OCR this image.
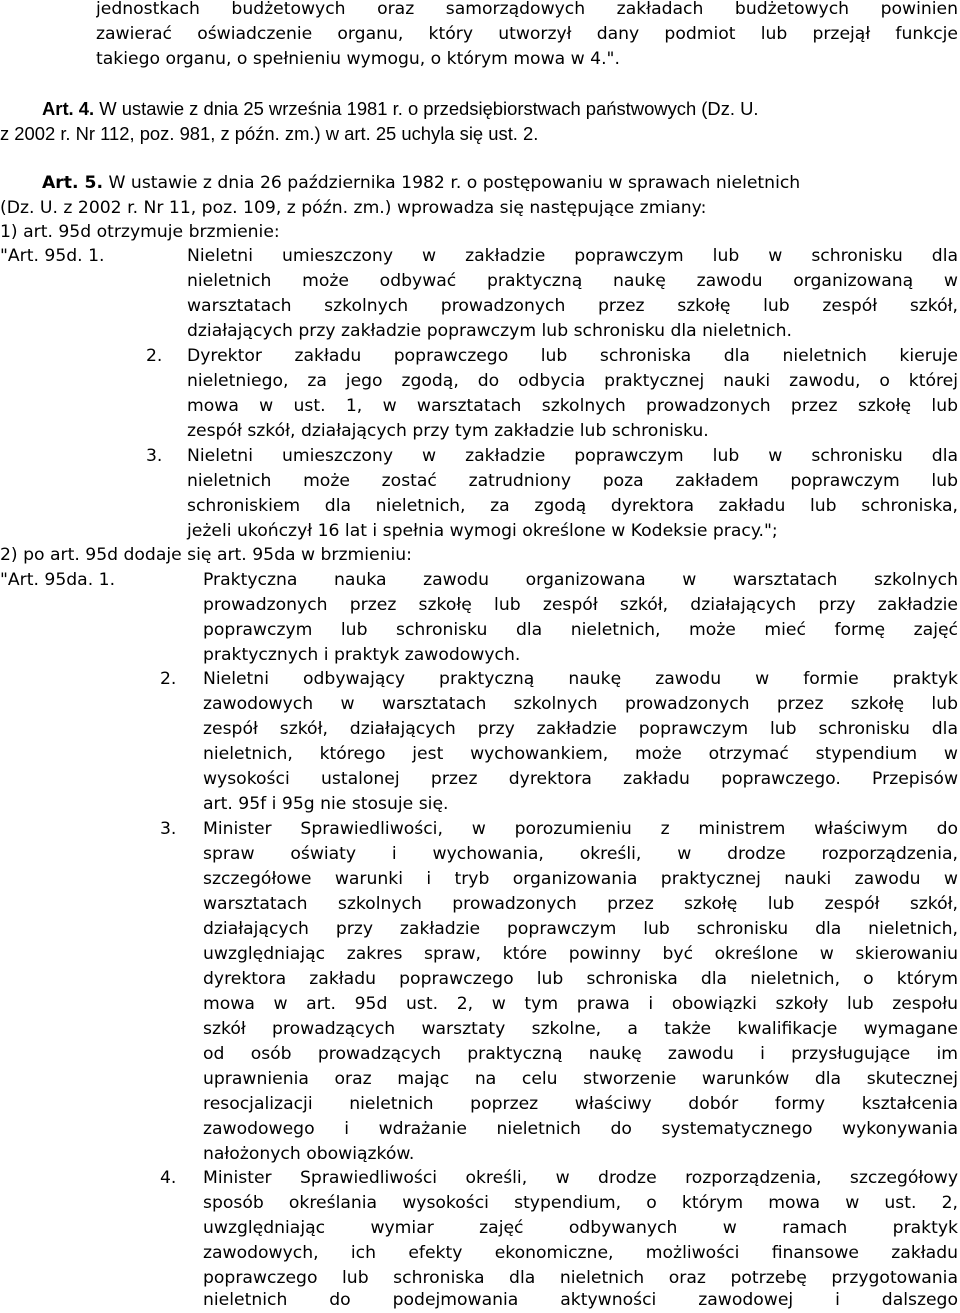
jednostkach budżetowych oraz samorządowych zakładach budżetowych powinien
zawierać oświadczenie organu, który utworzył dany podmiot lub przejął funkcje
takiego organu, o spełnieniu wymogu, o którym mowa w 4.".
Art. 4. W ustawie z dnia 25 września 1981 r. o przedsiębiorstwach państwowych (Dz. U.
z 2002 r. Nr 112, poz. 981, z późn. zm.) w art. 25 uchyla się ust. 2.
Art. 5. W ustawie z dnia 26 października 1982 r. o postępowaniu w sprawach nieletnich
(Dz. U. z 2002 r. Nr 11, poz. 109, z późn. zm.) wprowadza się następujące zmiany:
1) art. 95d otrzymuje brzmienie:
"Art. 95d. 1.	Nieletni umieszczony w zakładzie poprawczym lub w schronisku dla
nieletnich może odbywać praktyczną naukę zawodu organizowaną w
warsztatach szkolnych prowadzonych przez szkołę lub zespół szkół,
działających przy zakładzie poprawczym lub schronisku dla nieletnich.
2. Dyrektor zakładu poprawczego lub schroniska dla nieletnich kieruje
nieletniego, za jego zgodą, do odbycia praktycznej nauki zawodu, o której
mowa w ust. 1, w warsztatach szkolnych prowadzonych przez szkołę lub
zespół szkół, działających przy tym zakładzie lub schronisku.
3. Nieletni umieszczony w zakładzie poprawczym lub w schronisku dla
nieletnich może zostać zatrudniony poza zakładem poprawczym lub
schroniskiem dla nieletnich, za zgodą dyrektora zakładu lub schroniska,
jeżeli ukończył 16 lat i spełnia wymogi określone w Kodeksie pracy.";
2) po art. 95d dodaje się art. 95da w brzmieniu:
"Art. 95da. 1.	Praktyczna nauka zawodu organizowana w warsztatach szkolnych
prowadzonych przez szkołę lub zespół szkół, działających przy zakładzie
poprawczym lub schronisku dla nieletnich, może mieć formę zajęć
praktycznych i praktyk zawodowych.
2. Nieletni odbywający praktyczną naukę zawodu w formie praktyk
zawodowych w warsztatach szkolnych prowadzonych przez szkołę lub
zespół szkół, działających przy zakładzie poprawczym lub schronisku dla
nieletnich, którego jest wychowankiem, może otrzymać stypendium w
wysokości ustalonej przez dyrektora zakładu poprawczego. Przepisów
art. 95f i 95g nie stosuje się.
3. Minister Sprawiedliwości, w porozumieniu z ministrem właściwym do
spraw oświaty i wychowania, określi, w drodze rozporządzenia,
szczegółowe warunki i tryb organizowania praktycznej nauki zawodu w
warsztatach szkolnych prowadzonych przez szkołę lub zespół szkół,
działających przy zakładzie poprawczym lub schronisku dla nieletnich,
uwzględniając zakres spraw, które powinny być określone w skierowaniu
dyrektora zakładu poprawczego lub schroniska dla nieletnich, o którym
mowa w art. 95d ust. 2, w tym prawa i obowiązki szkoły lub zespołu
szkół prowadzących warsztaty szkolne, a także kwalifikacje wymagane
od osób prowadzących praktyczną naukę zawodu i przysługujące im
uprawnienia oraz mając na celu stworzenie warunków dla skutecznej
resocjalizacji nieletnich poprzez właściwy dobór formy kształcenia
zawodowego i wdrażanie nieletnich do systematycznego wykonywania
nałożonych obowiązków.
4. Minister Sprawiedliwości określi, w drodze rozporządzenia, szczegółowy
sposób określania wysokości stypendium, o którym mowa w ust. 2,
uwzględniając wymiar zajęć odbywanych w ramach praktyk
zawodowych, ich efekty ekonomiczne, możliwości finansowe zakładu
poprawczego lub schroniska dla nieletnich oraz potrzebę przygotowania
nieletnich do podejmowania aktywności zawodowej i dalszego
